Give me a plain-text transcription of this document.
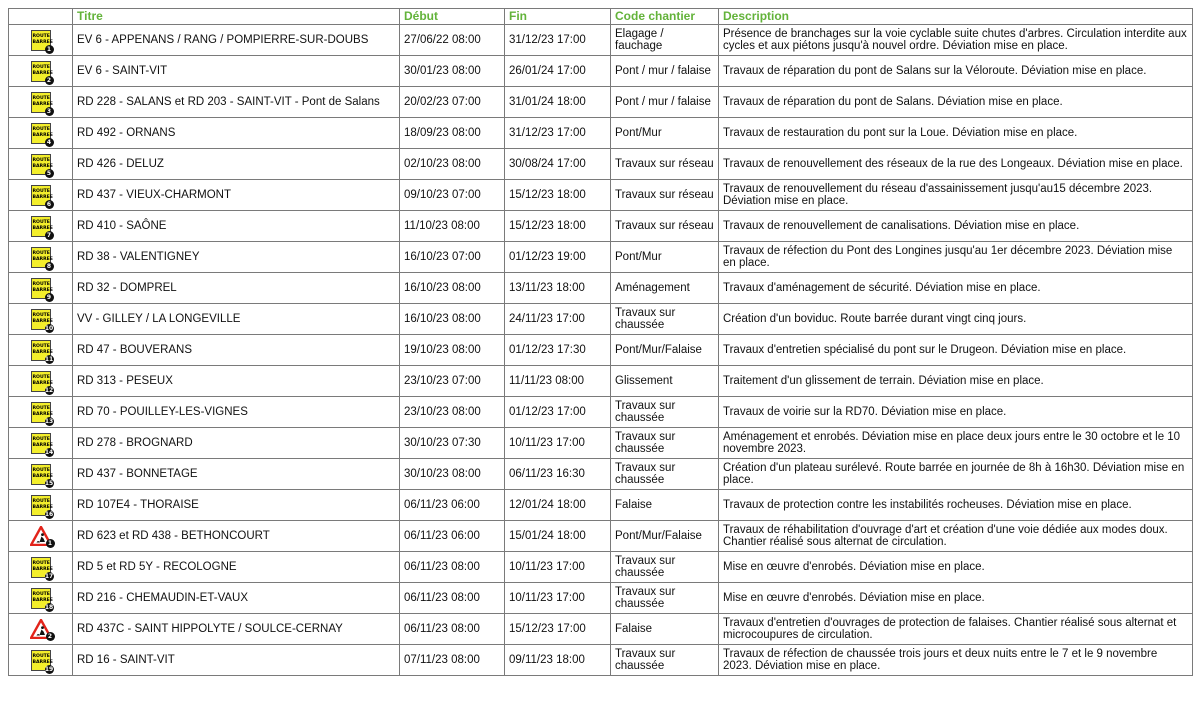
	Titre	Début	Fin	Code chantier	Description

ROUTE
BARREE
1	EV 6 - APPENANS / RANG / POMPIERRE-SUR-DOUBS	27/06/22 08:00	31/12/23 17:00	Elagage / fauchage	Présence de branchages sur la voie cyclable suite chutes d'arbres. Circulation interdite aux cycles et aux piétons jusqu'à nouvel ordre. Déviation mise en place.

ROUTE
BARREE
2	EV 6 - SAINT-VIT	30/01/23 08:00	26/01/24 17:00	Pont / mur / falaise	Travaux de réparation du pont de Salans sur la Véloroute. Déviation mise en place.

ROUTE
BARREE
3	RD 228 - SALANS et RD 203 - SAINT-VIT - Pont de Salans	20/02/23 07:00	31/01/24 18:00	Pont / mur / falaise	Travaux de réparation du pont de Salans. Déviation mise en place.

ROUTE
BARREE
4	RD 492 - ORNANS	18/09/23 08:00	31/12/23 17:00	Pont/Mur	Travaux de restauration du pont sur la Loue. Déviation mise en place.

ROUTE
BARREE
5	RD 426 - DELUZ	02/10/23 08:00	30/08/24 17:00	Travaux sur réseau	Travaux de renouvellement des réseaux de la rue des Longeaux. Déviation mise en place.

ROUTE
BARREE
6	RD 437 - VIEUX-CHARMONT	09/10/23 07:00	15/12/23 18:00	Travaux sur réseau	Travaux de renouvellement du réseau d'assainissement jusqu'au15 décembre 2023. Déviation mise en place.

ROUTE
BARREE
7	RD 410 - SAÔNE	11/10/23 08:00	15/12/23 18:00	Travaux sur réseau	Travaux de renouvellement de canalisations. Déviation mise en place.

ROUTE
BARREE
8	RD 38 - VALENTIGNEY	16/10/23 07:00	01/12/23 19:00	Pont/Mur	Travaux de réfection du Pont des Longines jusqu'au 1er décembre 2023. Déviation mise en place.

ROUTE
BARREE
9	RD 32 - DOMPREL	16/10/23 08:00	13/11/23 18:00	Aménagement	Travaux d'aménagement de sécurité. Déviation mise en place.

ROUTE
BARREE
10	VV - GILLEY / LA LONGEVILLE	16/10/23 08:00	24/11/23 17:00	Travaux sur chaussée	Création d'un boviduc. Route barrée durant vingt cinq jours.

ROUTE
BARREE
11	RD 47 - BOUVERANS	19/10/23 08:00	01/12/23 17:30	Pont/Mur/Falaise	Travaux d'entretien spécialisé du pont sur le Drugeon. Déviation mise en place.

ROUTE
BARREE
12	RD 313 - PESEUX	23/10/23 07:00	11/11/23 08:00	Glissement	Traitement d'un glissement de terrain. Déviation mise en place.

ROUTE
BARREE
13	RD 70 - POUILLEY-LES-VIGNES	23/10/23 08:00	01/12/23 17:00	Travaux sur chaussée	Travaux de voirie sur la RD70. Déviation mise en place.

ROUTE
BARREE
14	RD 278 - BROGNARD	30/10/23 07:30	10/11/23 17:00	Travaux sur chaussée	Aménagement et enrobés. Déviation mise en place deux jours entre le 30 octobre et le 10 novembre 2023.

ROUTE
BARREE
15	RD 437 - BONNETAGE	30/10/23 08:00	06/11/23 16:30	Travaux sur chaussée	Création d'un plateau surélevé. Route barrée en journée de 8h à 16h30. Déviation mise en place.

ROUTE
BARREE
16	RD 107E4 - THORAISE	06/11/23 06:00	12/01/24 18:00	Falaise	Travaux de protection contre les instabilités rocheuses. Déviation mise en place.

1	RD 623 et RD 438 - BETHONCOURT	06/11/23 06:00	15/01/24 18:00	Pont/Mur/Falaise	Travaux de réhabilitation d'ouvrage d'art et création d'une voie dédiée aux modes doux. Chantier réalisé sous alternat de circulation.

ROUTE
BARREE
17	RD 5 et RD 5Y - RECOLOGNE	06/11/23 08:00	10/11/23 17:00	Travaux sur chaussée	Mise en œuvre d'enrobés. Déviation mise en place.

ROUTE
BARREE
18	RD 216 - CHEMAUDIN-ET-VAUX	06/11/23 08:00	10/11/23 17:00	Travaux sur chaussée	Mise en œuvre d'enrobés. Déviation mise en place.

2	RD 437C - SAINT HIPPOLYTE / SOULCE-CERNAY	06/11/23 08:00	15/12/23 17:00	Falaise	Travaux d'entretien d'ouvrages de protection de falaises. Chantier réalisé sous alternat et microcoupures de circulation.

ROUTE
BARREE
19	RD 16 - SAINT-VIT	07/11/23 08:00	09/11/23 18:00	Travaux sur chaussée	Travaux de réfection de chaussée trois jours et deux nuits entre le 7 et le 9 novembre 2023. Déviation mise en place.
